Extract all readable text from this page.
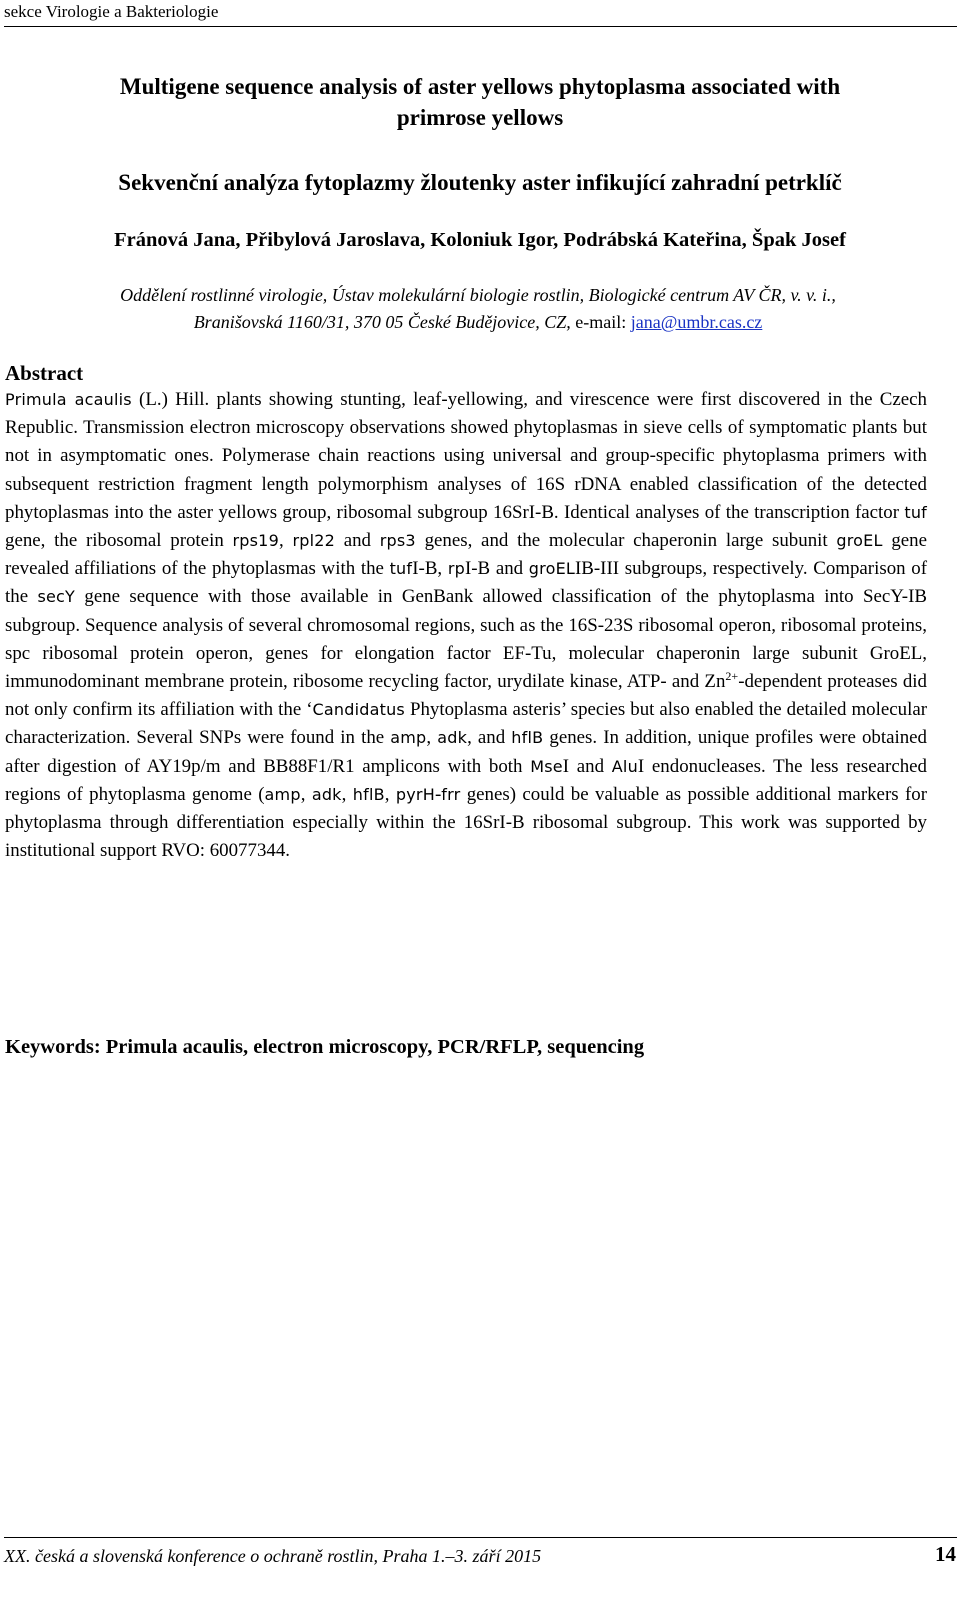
sekce Virologie a Bakteriologie
Multigene sequence analysis of aster yellows phytoplasma associated with
primrose yellows
Sekvenční analýza fytoplazmy žloutenky aster infikující zahradní petrklíč
Fránová Jana, Přibylová Jaroslava, Koloniuk Igor, Podrábská Kateřina, Špak Josef
Oddělení rostlinné virologie, Ústav molekulární biologie rostlin, Biologické centrum AV ČR, v. v. i.,
Branišovská 1160/31, 370 05 České Budějovice, CZ, e-mail: jana@umbr.cas.cz
Abstract
Primula acaulis (L.) Hill. plants showing stunting, leaf-yellowing, and virescence were first discovered in the Czech Republic. Transmission electron microscopy observations showed phytoplasmas in sieve cells of symptomatic plants but not in asymptomatic ones. Polymerase chain reactions using universal and group-specific phytoplasma primers with subsequent restriction fragment length polymorphism analyses of 16S rDNA enabled classification of the detected phytoplasmas into the aster yellows group, ribosomal subgroup 16SrI-B. Identical analyses of the transcription factor tuf gene, the ribosomal protein rps19, rpl22 and rps3 genes, and the molecular chaperonin large subunit groEL gene revealed affiliations of the phytoplasmas with the tufI-B, rpI-B and groELIB-III subgroups, respectively. Comparison of the secY gene sequence with those available in GenBank allowed classification of the phytoplasma into SecY-IB subgroup. Sequence analysis of several chromosomal regions, such as the 16S-23S ribosomal operon, ribosomal proteins, spc ribosomal protein operon, genes for elongation factor EF-Tu, molecular chaperonin large subunit GroEL, immunodominant membrane protein, ribosome recycling factor, urydilate kinase, ATP- and $Zn^{2+}$-dependent proteases did not only confirm its affiliation with the ‘Candidatus Phytoplasma asteris’ species but also enabled the detailed molecular characterization. Several SNPs were found in the amp, adk, and hflB genes. In addition, unique profiles were obtained after digestion of AY19p/m and BB88F1/R1 amplicons with both MseI and AluI endonucleases. The less researched regions of phytoplasma genome (amp, adk, hflB, pyrH-frr genes) could be valuable as possible additional markers for phytoplasma through differentiation especially within the 16SrI-B ribosomal subgroup. This work was supported by institutional support RVO: 60077344.
Keywords: Primula acaulis, electron microscopy, PCR/RFLP, sequencing
XX. česká a slovenská konference o ochraně rostlin, Praha 1.–3. září 2015	14
